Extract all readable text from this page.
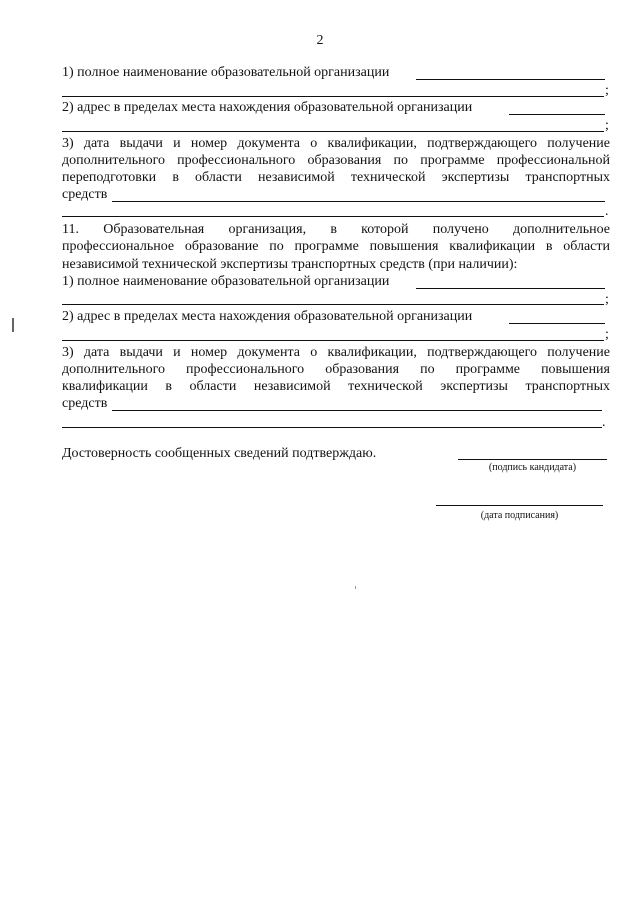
2
1) полное наименование образовательной организации
;
2) адрес в пределах места нахождения образовательной организации
;
3) дата выдачи и номер документа о квалификации, подтверждающего получение
дополнительного профессионального образования по программе профессиональной
переподготовки в области независимой технической экспертизы транспортных
средств
.
11. Образовательная организация, в которой получено дополнительное
профессиональное образование по программе повышения квалификации в области
независимой технической экспертизы транспортных средств (при наличии):
1) полное наименование образовательной организации
;
2) адрес в пределах места нахождения образовательной организации
;
3) дата выдачи и номер документа о квалификации, подтверждающего получение
дополнительного профессионального образования по программе повышения
квалификации в области независимой технической экспертизы транспортных
средств
.
Достоверность сообщенных сведений подтверждаю.
(подпись кандидата)
(дата подписания)
